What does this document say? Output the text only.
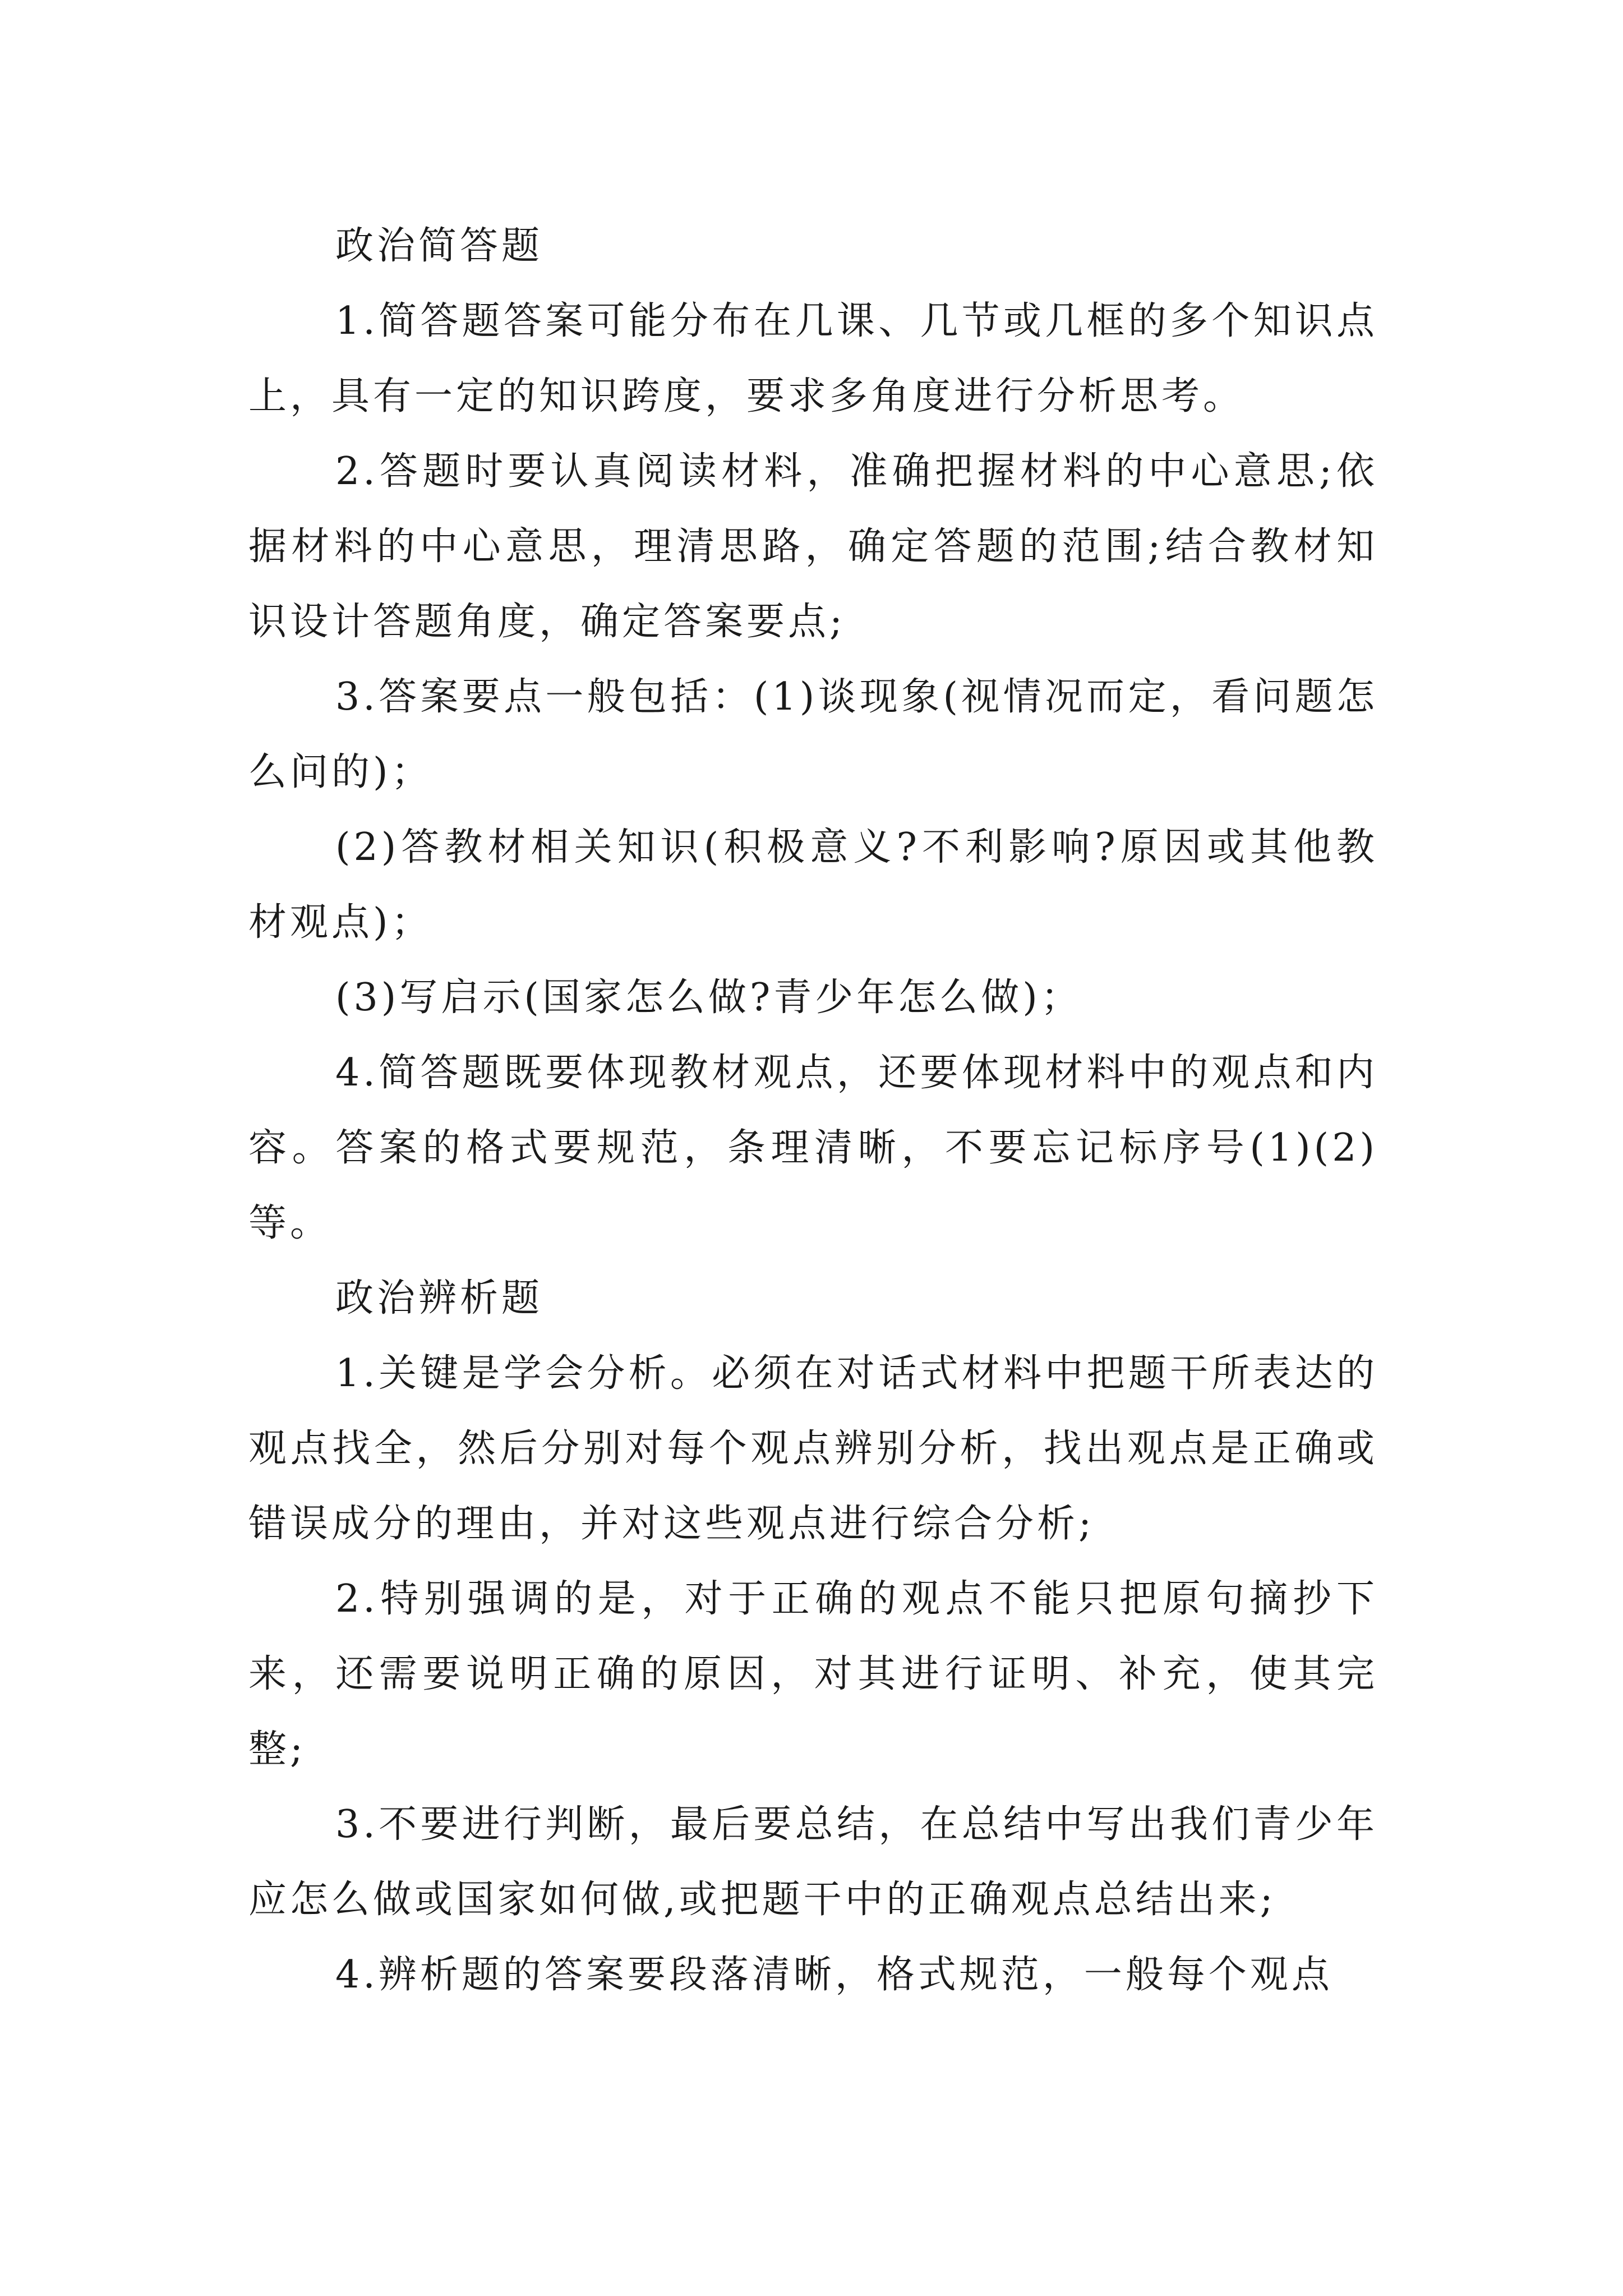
政治简答题

1.简答题答案可能分布在几课、几节或几框的多个知识点上，具有一定的知识跨度，要求多角度进行分析思考。

2.答题时要认真阅读材料，准确把握材料的中心意思;依据材料的中心意思，理清思路，确定答题的范围;结合教材知识设计答题角度，确定答案要点;

3.答案要点一般包括：(1)谈现象(视情况而定，看问题怎么问的)；

(2)答教材相关知识(积极意义?不利影响?原因或其他教材观点)；

(3)写启示(国家怎么做?青少年怎么做)；

4.简答题既要体现教材观点，还要体现材料中的观点和内容。答案的格式要规范，条理清晰，不要忘记标序号(1)(2)等。

政治辨析题

1.关键是学会分析。必须在对话式材料中把题干所表达的观点找全，然后分别对每个观点辨别分析，找出观点是正确或错误成分的理由，并对这些观点进行综合分析;

2.特别强调的是，对于正确的观点不能只把原句摘抄下来，还需要说明正确的原因，对其进行证明、补充，使其完整;

3.不要进行判断，最后要总结，在总结中写出我们青少年应怎么做或国家如何做,或把题干中的正确观点总结出来;

4.辨析题的答案要段落清晰，格式规范，一般每个观点
